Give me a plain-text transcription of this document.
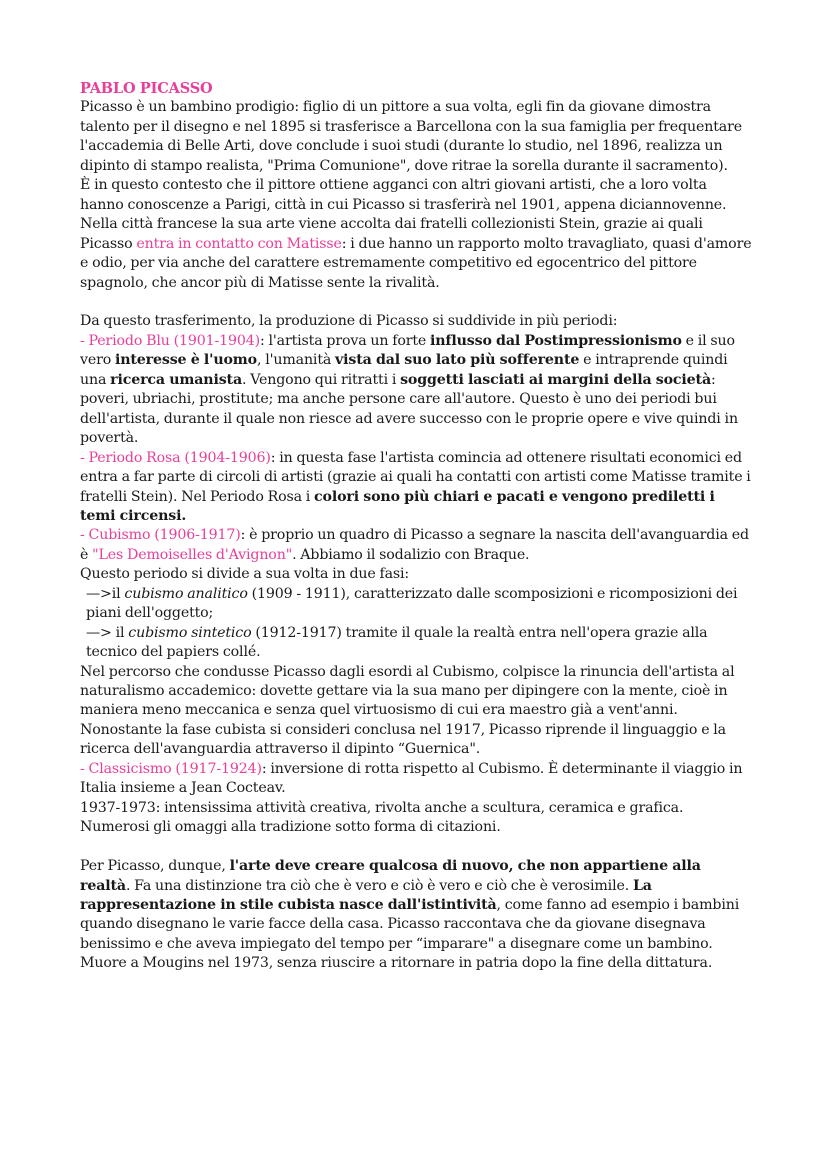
PABLO PICASSO

Picasso è un bambino prodigio: figlio di un pittore a sua volta, egli fin da giovane dimostra talento per il disegno e nel 1895 si trasferisce a Barcellona con la sua famiglia per frequentare l'accademia di Belle Arti, dove conclude i suoi studi (durante lo studio, nel 1896, realizza un dipinto di stampo realista, "Prima Comunione", dove ritrae la sorella durante il sacramento).

È in questo contesto che il pittore ottiene agganci con altri giovani artisti, che a loro volta hanno conoscenze a Parigi, città in cui Picasso si trasferirà nel 1901, appena diciannovenne.

Nella città francese la sua arte viene accolta dai fratelli collezionisti Stein, grazie ai quali Picasso entra in contatto con Matisse: i due hanno un rapporto molto travagliato, quasi d'amore e odio, per via anche del carattere estremamente competitivo ed egocentrico del pittore spagnolo, che ancor più di Matisse sente la rivalità.

Da questo trasferimento, la produzione di Picasso si suddivide in più periodi:

- Periodo Blu (1901-1904): l'artista prova un forte influsso dal Postimpressionismo e il suo vero interesse è l'uomo, l'umanità vista dal suo lato più sofferente e intraprende quindi una ricerca umanista. Vengono qui ritratti i soggetti lasciati ai margini della società: poveri, ubriachi, prostitute; ma anche persone care all'autore. Questo è uno dei periodi bui dell'artista, durante il quale non riesce ad avere successo con le proprie opere e vive quindi in povertà.

- Periodo Rosa (1904-1906): in questa fase l'artista comincia ad ottenere risultati economici ed entra a far parte di circoli di artisti (grazie ai quali ha contatti con artisti come Matisse tramite i fratelli Stein). Nel Periodo Rosa i colori sono più chiari e pacati e vengono prediletti i temi circensi.

- Cubismo (1906-1917): è proprio un quadro di Picasso a segnare la nascita dell'avanguardia ed è "Les Demoiselles d'Avignon". Abbiamo il sodalizio con Braque.

Questo periodo si divide a sua volta in due fasi:

—>il cubismo analitico (1909 - 1911), caratterizzato dalle scomposizioni e ricomposizioni dei piani dell'oggetto;

—> il cubismo sintetico (1912-1917) tramite il quale la realtà entra nell'opera grazie alla tecnico del papiers collé.

Nel percorso che condusse Picasso dagli esordi al Cubismo, colpisce la rinuncia dell'artista al naturalismo accademico: dovette gettare via la sua mano per dipingere con la mente, cioè in maniera meno meccanica e senza quel virtuosismo di cui era maestro già a vent'anni.

Nonostante la fase cubista si consideri conclusa nel 1917, Picasso riprende il linguaggio e la ricerca dell'avanguardia attraverso il dipinto “Guernica".

- Classicismo (1917-1924): inversione di rotta rispetto al Cubismo. È determinante il viaggio in Italia insieme a Jean Cocteav.

1937-1973: intensissima attività creativa, rivolta anche a scultura, ceramica e grafica. Numerosi gli omaggi alla tradizione sotto forma di citazioni.

Per Picasso, dunque, l'arte deve creare qualcosa di nuovo, che non appartiene alla realtà. Fa una distinzione tra ciò che è vero e ciò è vero e ciò che è verosimile. La rappresentazione in stile cubista nasce dall'istintività, come fanno ad esempio i bambini quando disegnano le varie facce della casa. Picasso raccontava che da giovane disegnava benissimo e che aveva impiegato del tempo per “imparare" a disegnare come un bambino.

Muore a Mougins nel 1973, senza riuscire a ritornare in patria dopo la fine della dittatura.
